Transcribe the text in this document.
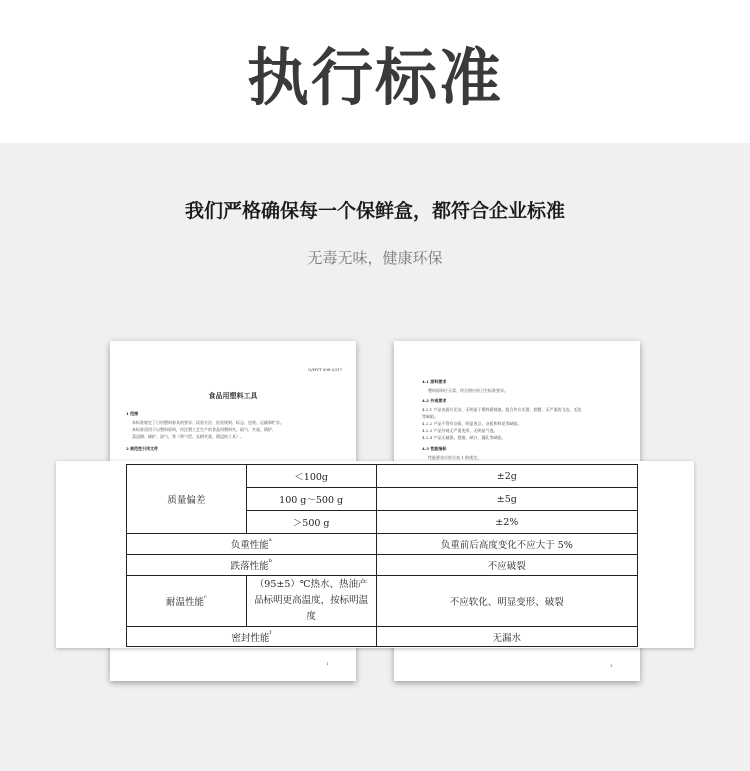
执行标准
我们严格确保每一个保鲜盒，都符合企业标准
无毒无味，健康环保
Q/HYT 008-2017
食品用塑料工具
1 范围
本标准规定了日用塑料容具的要求、试验方法、检验规则、标志、包装、运输和贮存。
本标准适用于以塑料原料，经注塑工艺生产的食品用塑料夹、取勺、夹架、锅铲、
菜浸刷、刷护、油勺、等（带勺型、长柄夹架、锅浸的工具）。
2 规范性引用文件
1
4.1 原料要求
塑料原料应无毒、符合相应的卫生标准要求。
4.2 外观要求
4.2.1 产品表面应光洁，无明显于塑料精观痕，组合件应光滑、润整，无严重的飞边、毛边
等缺陷。
4.2.2 产品不得有杂质、明显黑点、杂质和料花等缺陷。
4.2.3 产品外观无严重变形、无明显气泡。
4.2.4 产品无破损、裂痕、缺口、漏孔等缺陷。
4.3 性能指标
性能要求应符合表 1 的规定。
3
质量偏差	＜100g	±2g
	100 g～500 g	±5g
	＞500 g	±2%
负重性能$^a$		负重前后高度变化不应大于 5%
跌落性能$^b$		不应破裂
耐温性能$^c$	（95±5）℃热水、热油产品标明更高温度，按标明温度	不应软化、明显变形、破裂
密封性能$^f$		无漏水
